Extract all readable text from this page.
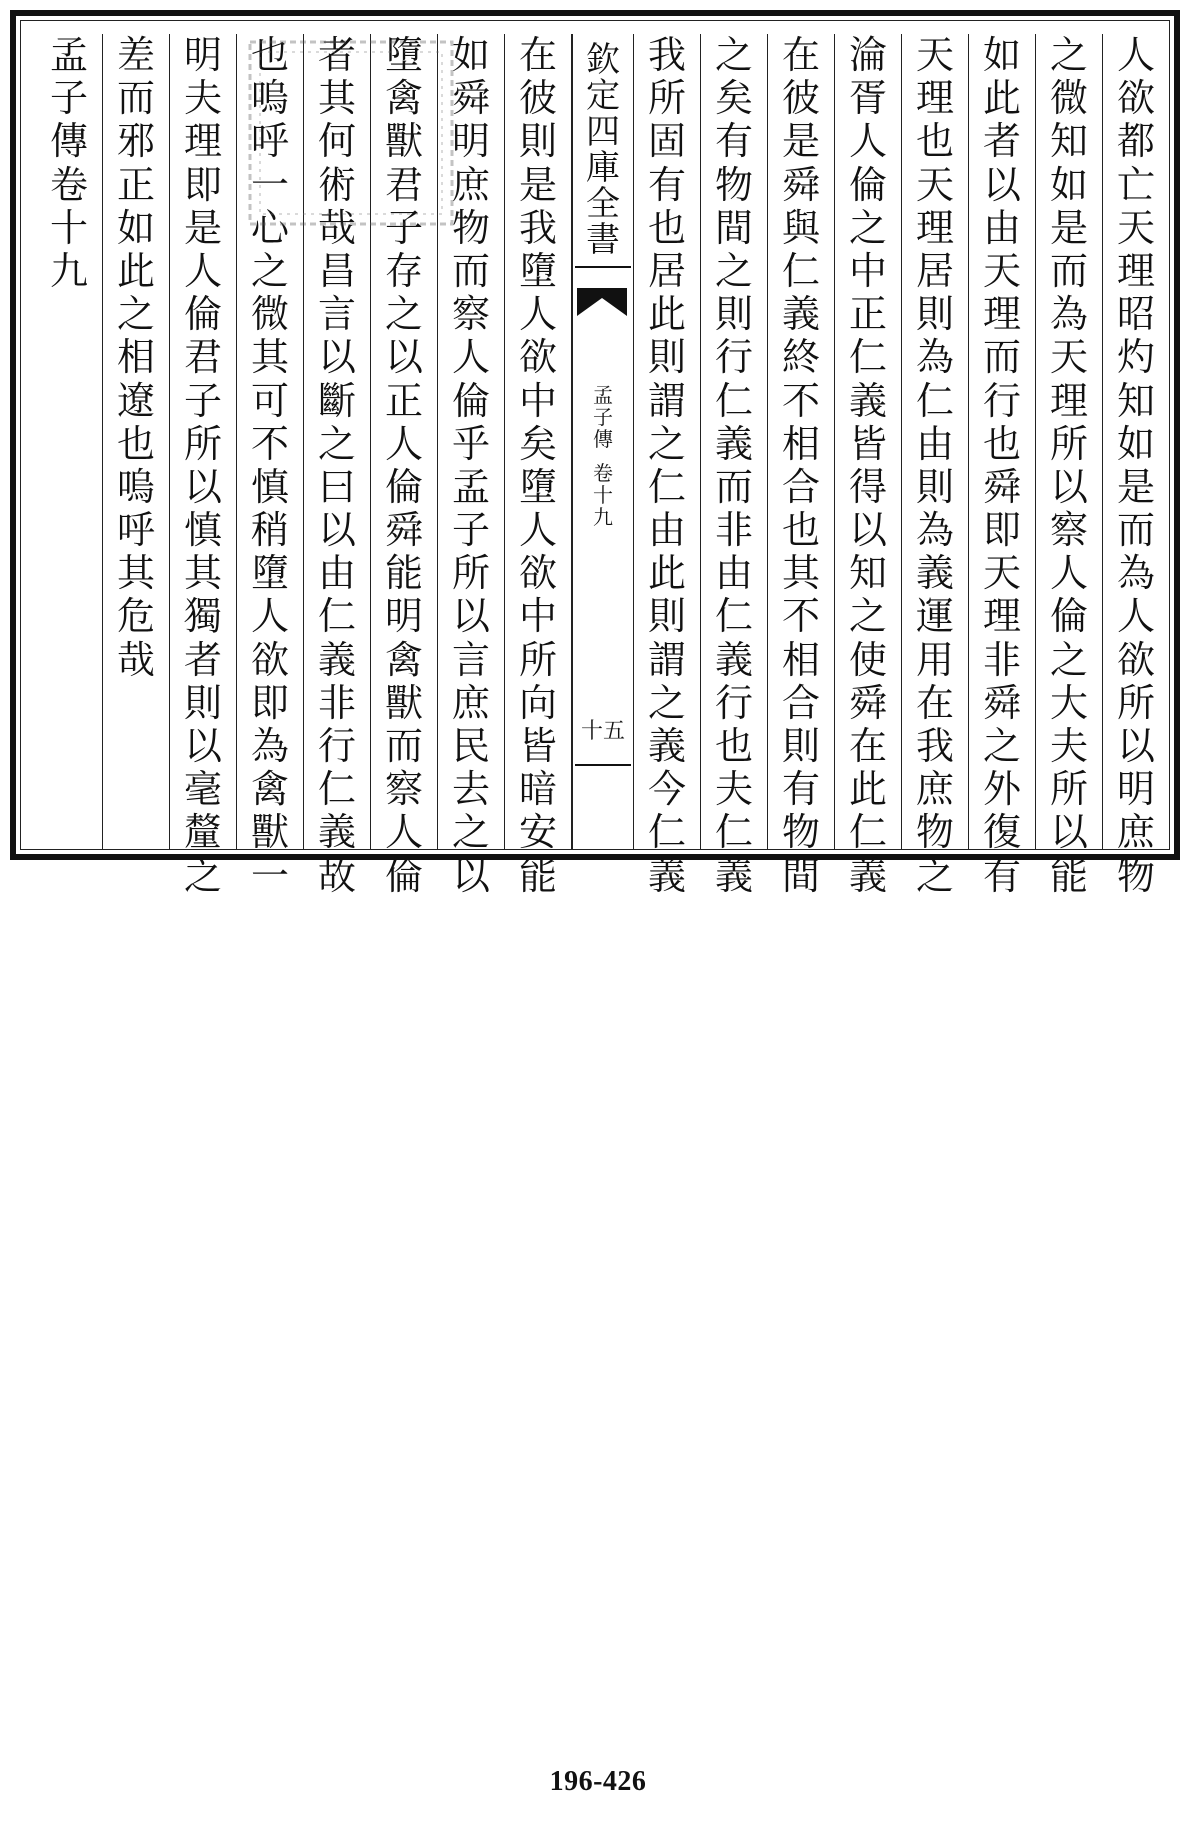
人
欲
都
亡
天
理
昭
灼
知
如
是
而
為
人
欲
所
以
明
庶
物
之
微
知
如
是
而
為
天
理
所
以
察
人
倫
之
大
夫
所
以
能
如
此
者
以
由
天
理
而
行
也
舜
即
天
理
非
舜
之
外
復
有
天
理
也
天
理
居
則
為
仁
由
則
為
義
運
用
在
我
庶
物
之
淪
胥
人
倫
之
中
正
仁
義
皆
得
以
知
之
使
舜
在
此
仁
義
在
彼
是
舜
與
仁
義
終
不
相
合
也
其
不
相
合
則
有
物
間
之
矣
有
物
間
之
則
行
仁
義
而
非
由
仁
義
行
也
夫
仁
義
我
所
固
有
也
居
此
則
謂
之
仁
由
此
則
謂
之
義
今
仁
義
欽
定
四
庫
全
書
孟
子
傳
卷
十
九
十五
在
彼
則
是
我
墮
人
欲
中
矣
墮
人
欲
中
所
向
皆
暗
安
能
如
舜
明
庶
物
而
察
人
倫
乎
孟
子
所
以
言
庶
民
去
之
以
墮
禽
獸
君
子
存
之
以
正
人
倫
舜
能
明
禽
獸
而
察
人
倫
者
其
何
術
哉
昌
言
以
斷
之
曰
以
由
仁
義
非
行
仁
義
故
也
嗚
呼
一
心
之
微
其
可
不
慎
稍
墮
人
欲
即
為
禽
獸
一
明
夫
理
即
是
人
倫
君
子
所
以
慎
其
獨
者
則
以
毫
釐
之
差
而
邪
正
如
此
之
相
遼
也
嗚
呼
其
危
哉
孟
子
傳
卷
十
九
196-426
